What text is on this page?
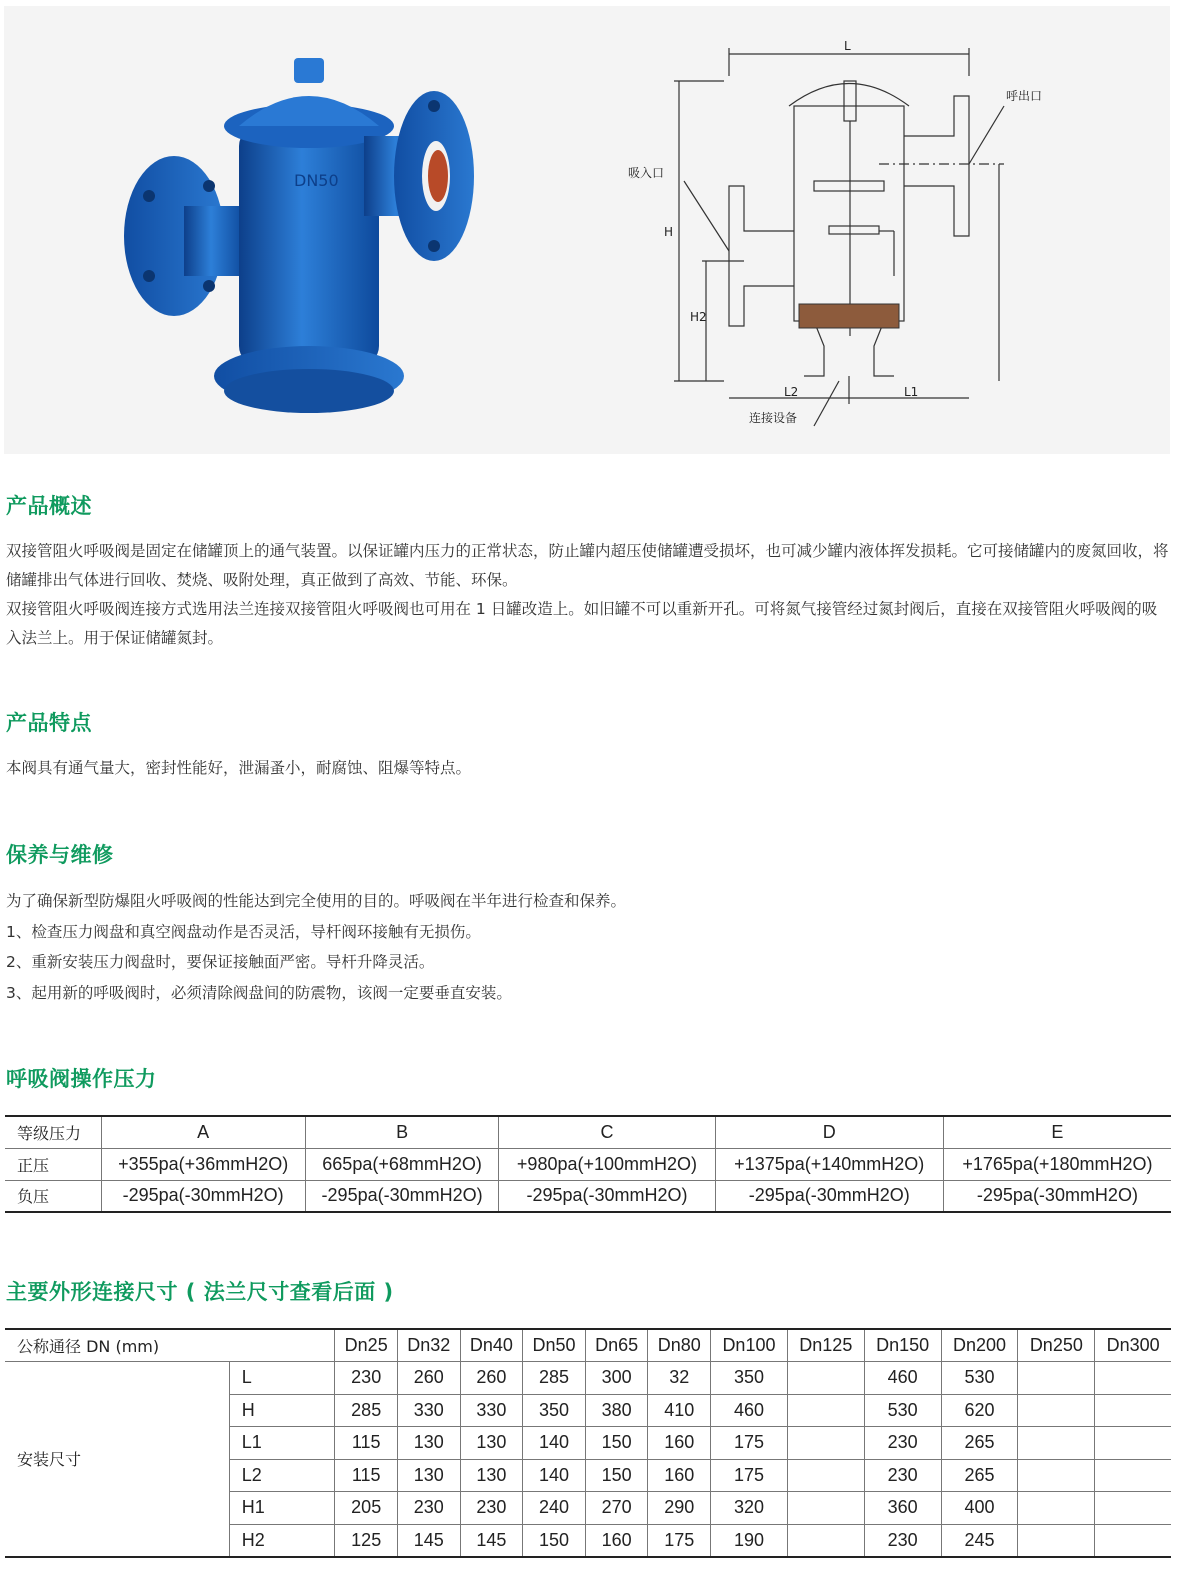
DN50
L
H
H2
L1
L2
呼出口
吸入口
连接设备
产品概述

双接管阻火呼吸阀是固定在储罐顶上的通气装置。以保证罐内压力的正常状态，防止罐内超压使储罐遭受损坏，也可减少罐内液体挥发损耗。它可接储罐内的废氮回收，将储罐排出气体进行回收、焚烧、吸附处理，真正做到了高效、节能、环保。

双接管阻火呼吸阀连接方式选用法兰连接双接管阻火呼吸阀也可用在 1 日罐改造上。如旧罐不可以重新开孔。可将氮气接管经过氮封阀后，直接在双接管阻火呼吸阀的吸入法兰上。用于保证储罐氮封。

产品特点

本阀具有通气量大，密封性能好，泄漏蚤小，耐腐蚀、阻爆等特点。

保养与维修

为了确保新型防爆阻火呼吸阀的性能达到完全使用的目的。呼吸阀在半年进行检查和保养。

1、检查压力阀盘和真空阀盘动作是否灵活，导杆阀环接触有无损伤。

2、重新安装压力阀盘时，要保证接触面严密。导杆升降灵活。

3、起用新的呼吸阀时，必须清除阀盘间的防震物，该阀一定要垂直安装。

呼吸阀操作压力
等级压力	A	B	C	D	E
正压	+355pa(+36mmH2O)	665pa(+68mmH2O)	+980pa(+100mmH2O)	+1375pa(+140mmH2O)	+1765pa(+180mmH2O)
负压	-295pa(-30mmH2O)	-295pa(-30mmH2O)	-295pa(-30mmH2O)	-295pa(-30mmH2O)	-295pa(-30mmH2O)
主要外形连接尺寸 ( 法兰尺寸查看后面 )
公称通径 DN (mm)		Dn25	Dn32	Dn40	Dn50	Dn65	Dn80	Dn100	Dn125	Dn150	Dn200	Dn250	Dn300
安装尺寸	L	230	260	260	285	300	32	350		460	530		
	H	285	330	330	350	380	410	460		530	620		
	L1	115	130	130	140	150	160	175		230	265		
	L2	115	130	130	140	150	160	175		230	265		
	H1	205	230	230	240	270	290	320		360	400		
	H2	125	145	145	150	160	175	190		230	245		
